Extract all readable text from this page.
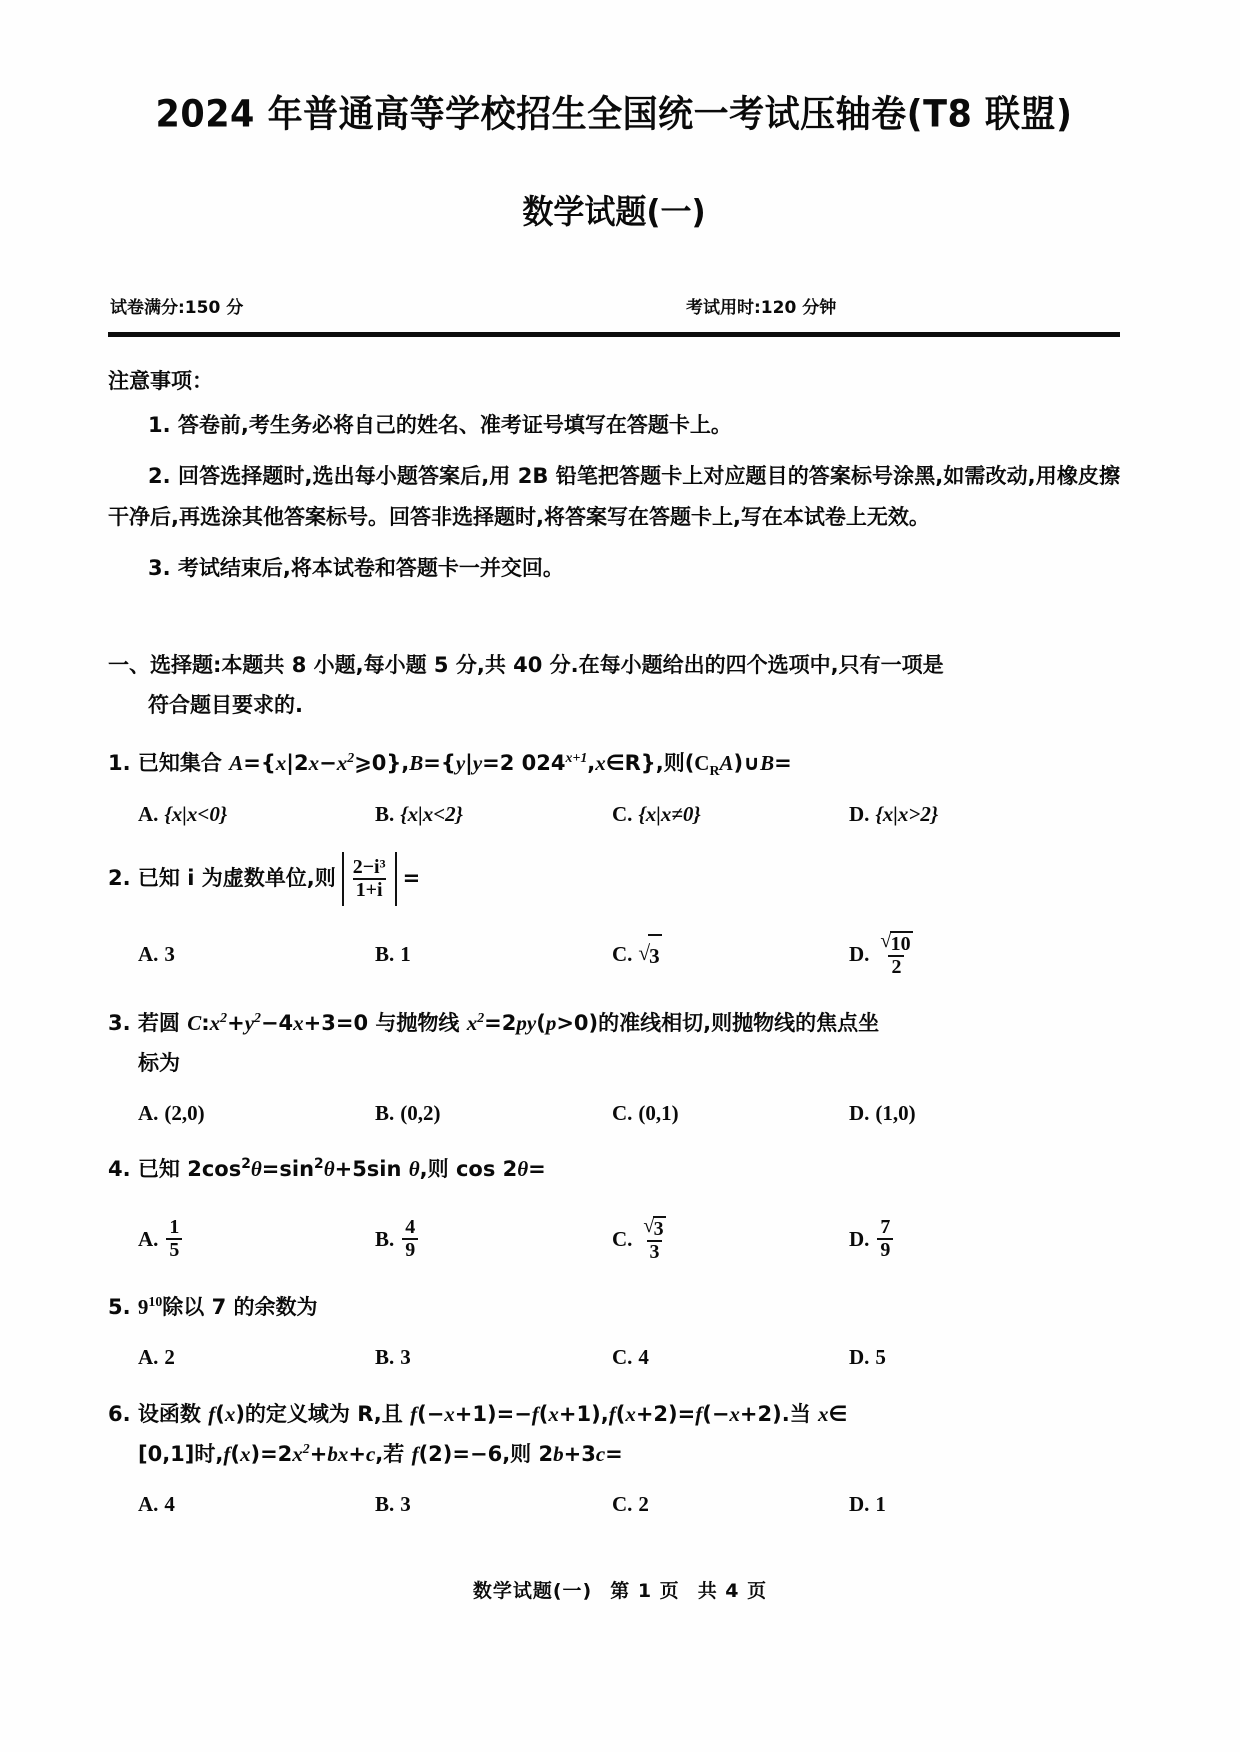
2024 年普通高等学校招生全国统一考试压轴卷(T8 联盟)
数学试题(一)
试卷满分:150 分	考试用时:120 分钟
注意事项：
1. 答卷前,考生务必将自己的姓名、准考证号填写在答题卡上。
2. 回答选择题时,选出每小题答案后,用 2B 铅笔把答题卡上对应题目的答案标号涂黑,如需改动,用橡皮擦干净后,再选涂其他答案标号。回答非选择题时,将答案写在答题卡上,写在本试卷上无效。
3. 考试结束后,将本试卷和答题卡一并交回。
一、选择题:本题共 8 小题,每小题 5 分,共 40 分.在每小题给出的四个选项中,只有一项是
符合题目要求的.
1. 已知集合 $A=\{x|2x-x^2⩾0\},B=\{y|y=2$ $024^{x+1},x\in R$},则$(C_RA)\cup B=$
A. {x|x<0}	B. {x|x<2}	C. {x|x≠0}	D. {x|x>2}
2.
已知 i 为虚数单位,则 $\frac{\text{2−i³}}{1+i}$ =
A. 3	B. 1	C. √ 3	D. $\frac{√ 10}{2}$
3. 若圆 $C:x^2+y^2-4x+3=0$ 与抛物线 $x^2=2py(p>0)$的准线相切,则抛物线的焦点坐
标为
A. (2,0)	B. (0,2)	C. (0,1)	D. (1,0)
4. 已知 $2\cos^2\theta=\sin^2\theta+5\sin$ θ,则 cos 2θ=
A. $\frac{1}{5}$	B. $\frac{4}{9}$	C. $\frac{√ 3}{3}$	D. $\frac{7}{9}$
5. $9^{10}$除以 7 的余数为
A. 2	B. 3	C. 4	D. 5
6. 设函数 f(x)的定义域为 R,且 f(−x+1)=−f(x+1),f(x+2)=f(−x+2).当 x∈
[0,1]时$,f(x)=2x^2+bx+c$,若 f(2)=−6,则 2b+3c=
A. 4	B. 3	C. 2	D. 1
数学试题(一) 第 1 页 共 4 页
